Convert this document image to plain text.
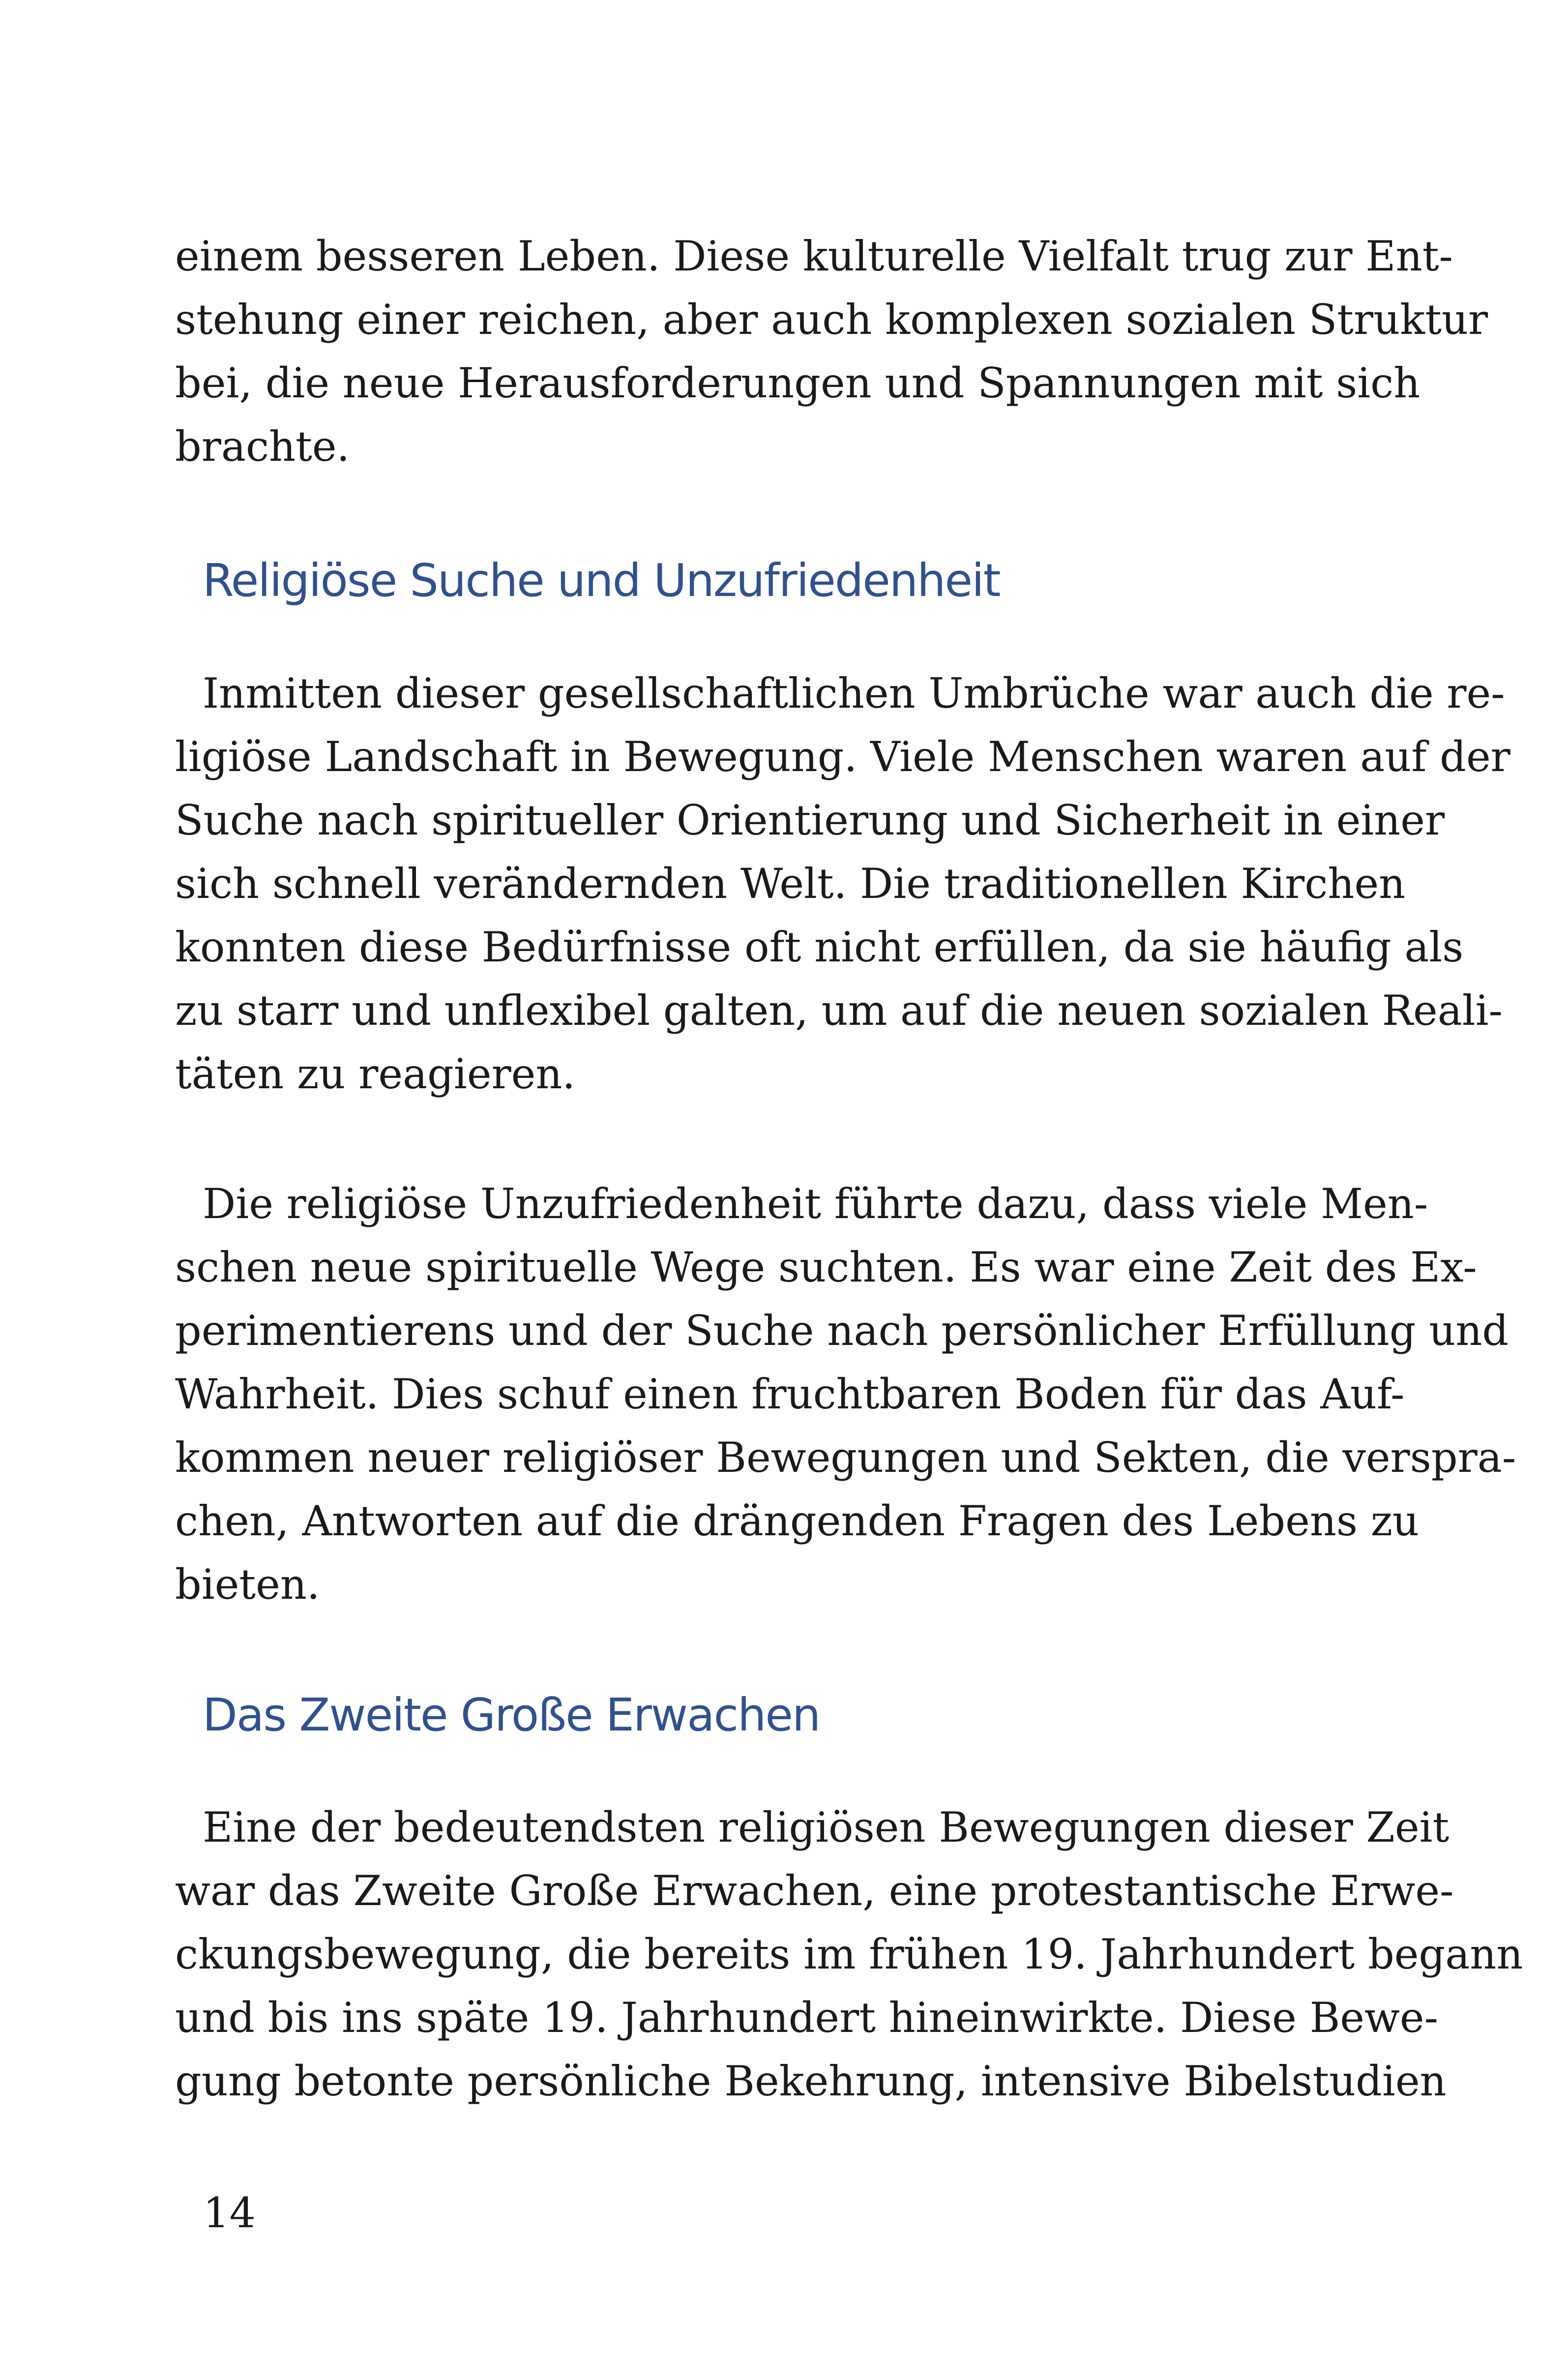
einem besseren Leben. Diese kulturelle Vielfalt trug zur Ent-
stehung einer reichen, aber auch komplexen sozialen Struktur
bei, die neue Herausforderungen und Spannungen mit sich
brachte.
Religiöse Suche und Unzufriedenheit
Inmitten dieser gesellschaftlichen Umbrüche war auch die re-
ligiöse Landschaft in Bewegung. Viele Menschen waren auf der
Suche nach spiritueller Orientierung und Sicherheit in einer
sich schnell verändernden Welt. Die traditionellen Kirchen
konnten diese Bedürfnisse oft nicht erfüllen, da sie häufig als
zu starr und unflexibel galten, um auf die neuen sozialen Reali-
täten zu reagieren.
Die religiöse Unzufriedenheit führte dazu, dass viele Men-
schen neue spirituelle Wege suchten. Es war eine Zeit des Ex-
perimentierens und der Suche nach persönlicher Erfüllung und
Wahrheit. Dies schuf einen fruchtbaren Boden für das Auf-
kommen neuer religiöser Bewegungen und Sekten, die verspra-
chen, Antworten auf die drängenden Fragen des Lebens zu
bieten.
Das Zweite Große Erwachen
Eine der bedeutendsten religiösen Bewegungen dieser Zeit
war das Zweite Große Erwachen, eine protestantische Erwe-
ckungsbewegung, die bereits im frühen 19. Jahrhundert begann
und bis ins späte 19. Jahrhundert hineinwirkte. Diese Bewe-
gung betonte persönliche Bekehrung, intensive Bibelstudien
14
